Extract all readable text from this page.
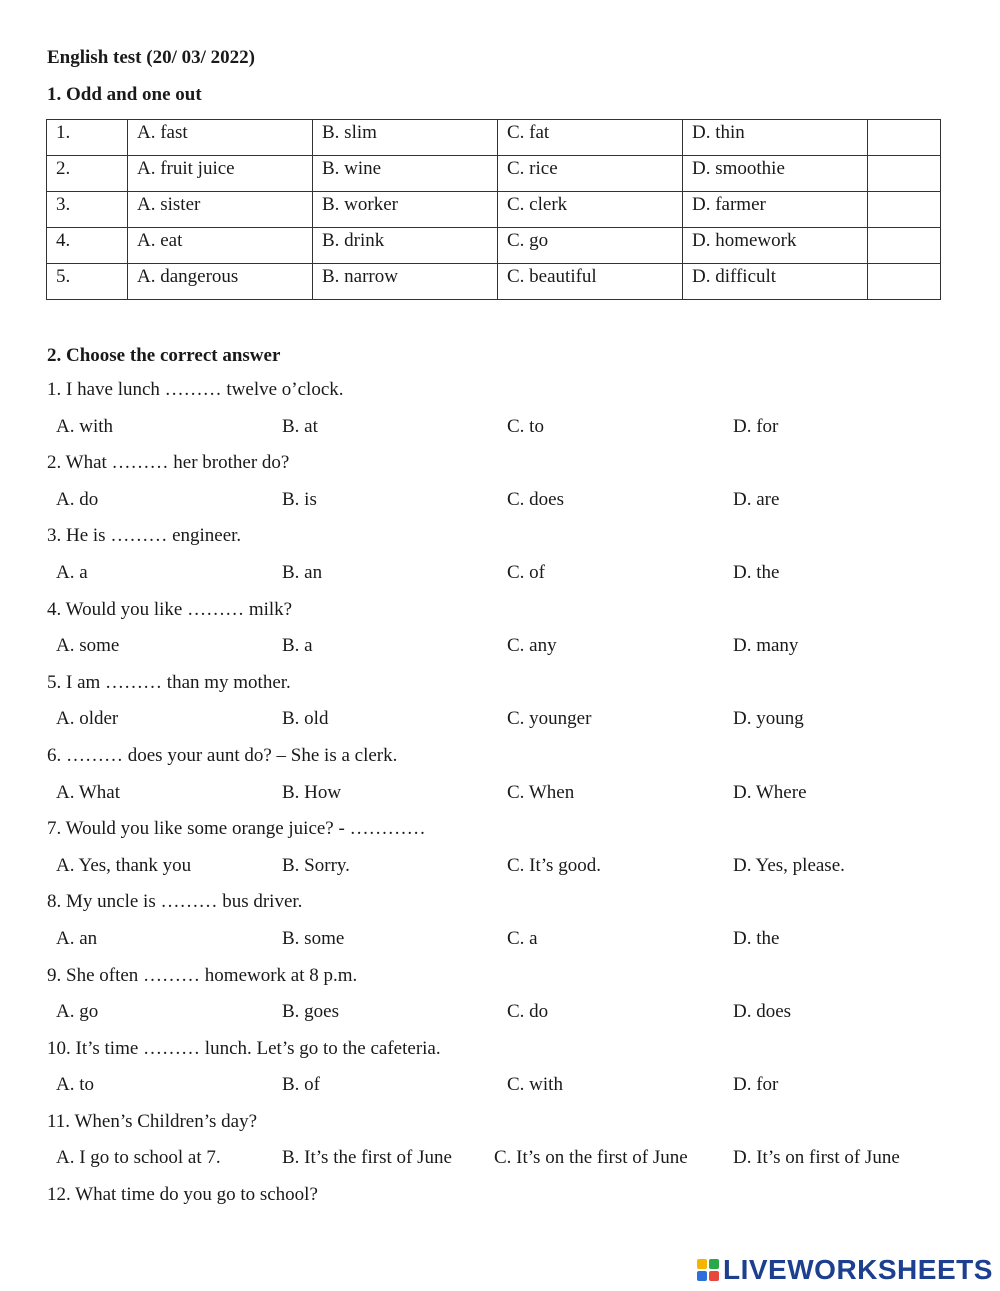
English test (20/ 03/ 2022)
1. Odd and one out
1.	A. fast	B. slim	C. fat	D. thin	
2.	A. fruit juice	B. wine	C. rice	D. smoothie	
3.	A. sister	B. worker	C. clerk	D. farmer	
4.	A. eat	B. drink	C. go	D. homework	
5.	A. dangerous	B. narrow	C. beautiful	D. difficult	
2. Choose the correct answer
1. I have lunch ……… twelve o’clock.
A. with	B. at	C. to	D. for
2. What ……… her brother do?
A. do	B. is	C. does	D. are
3. He is ……… engineer.
A. a	B. an	C. of	D. the
4. Would you like ……… milk?
A. some	B. a	C. any	D. many
5. I am ……… than my mother.
A. older	B. old	C. younger	D. young
6. ……… does your aunt do? – She is a clerk.
A. What	B. How	C. When	D. Where
7. Would you like some orange juice? - …………
A. Yes, thank you	B. Sorry.	C. It’s good.	D. Yes, please.
8. My uncle is ……… bus driver.
A. an	B. some	C. a	D. the
9. She often ……… homework at 8 p.m.
A. go	B. goes	C. do	D. does
10. It’s time ……… lunch. Let’s go to the cafeteria.
A. to	B. of	C. with	D. for
11. When’s Children’s day?
A. I go to school at 7.	B. It’s the first of June C. It’s on the first of June D. It’s on first of June
12. What time do you go to school?
LIVEWORKSHEETS
